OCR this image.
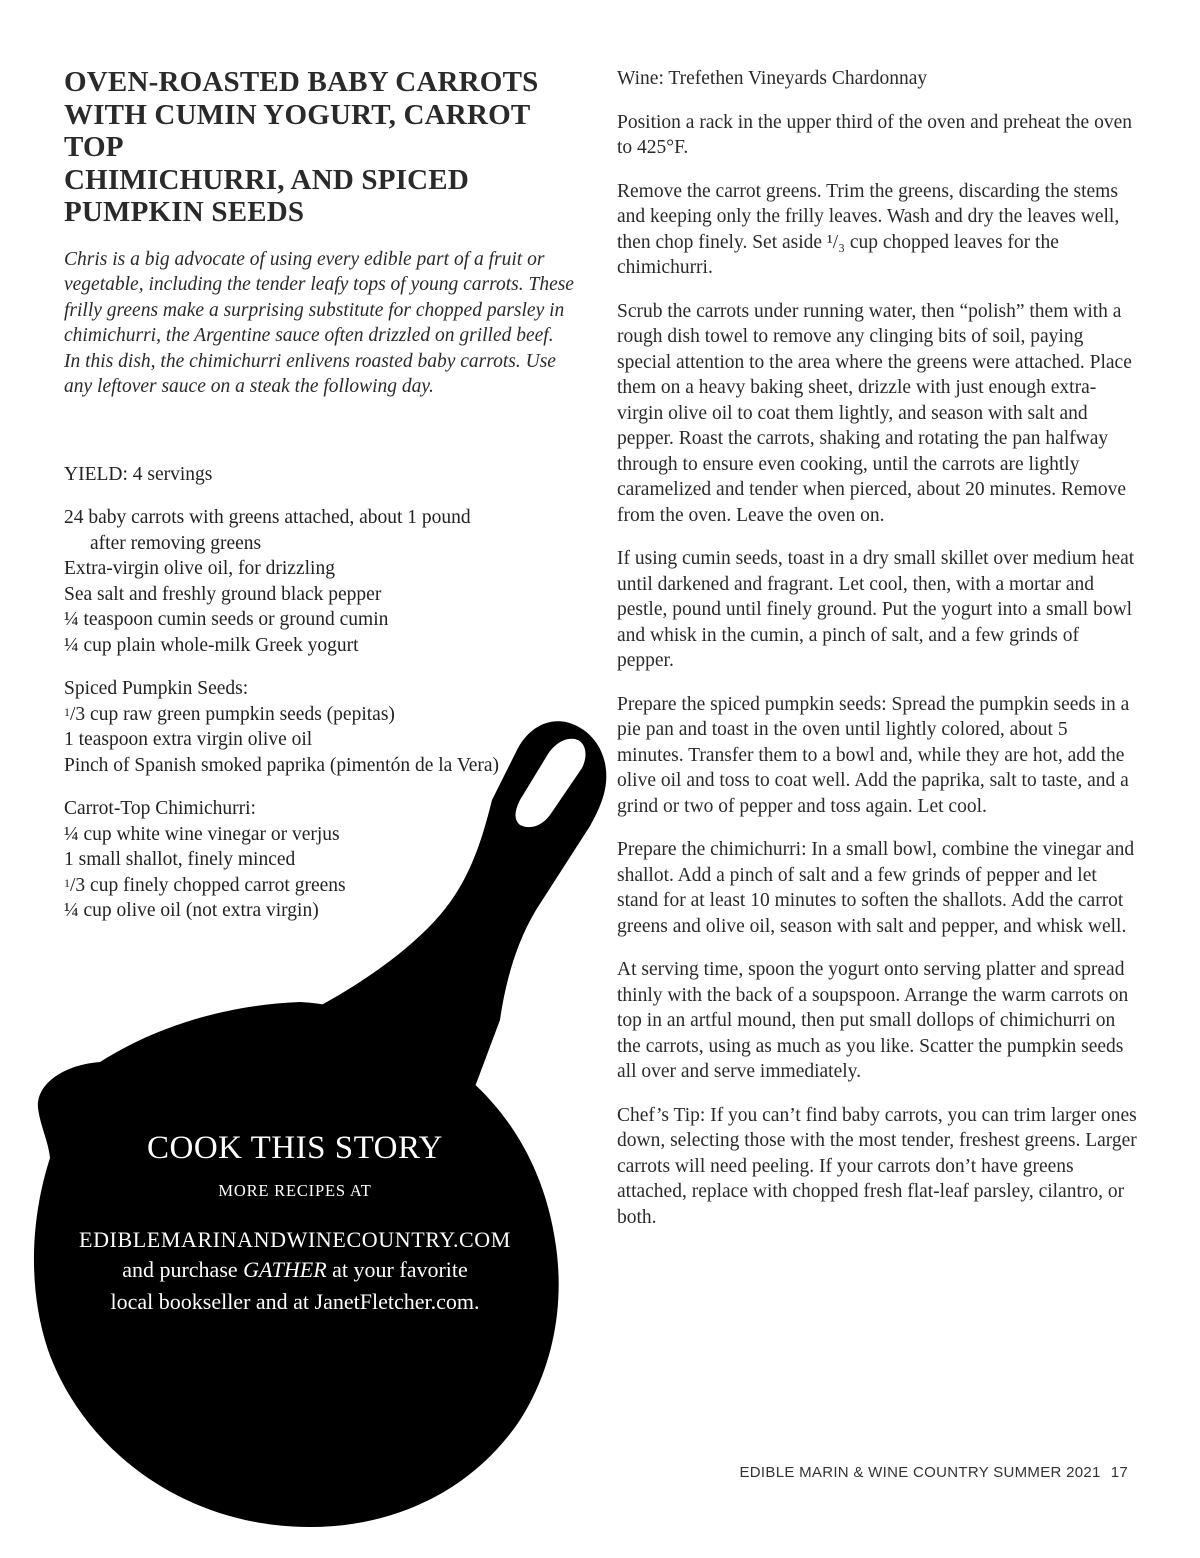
OVEN-ROASTED BABY CARROTS
WITH CUMIN YOGURT, CARROT TOP
CHIMICHURRI, AND SPICED
PUMPKIN SEEDS
Chris is a big advocate of using every edible part of a fruit or
vegetable, including the tender leafy tops of young carrots. These
frilly greens make a surprising substitute for chopped parsley in
chimichurri, the Argentine sauce often drizzled on grilled beef.
In this dish, the chimichurri enlivens roasted baby carrots. Use
any leftover sauce on a steak the following day.
YIELD: 4 servings
24 baby carrots with greens attached, about 1 pound
after removing greens
Extra-virgin olive oil, for drizzling
Sea salt and freshly ground black pepper
¼ teaspoon cumin seeds or ground cumin
¼ cup plain whole-milk Greek yogurt
Spiced Pumpkin Seeds:
$^1$/3 cup raw green pumpkin seeds (pepitas)
1 teaspoon extra virgin olive oil
Pinch of Spanish smoked paprika (pimentón de la Vera)
Carrot-Top Chimichurri:
¼ cup white wine vinegar or verjus
1 small shallot, finely minced
$^1$/3 cup finely chopped carrot greens
¼ cup olive oil (not extra virgin)

Wine: Trefethen Vineyards Chardonnay

Position a rack in the upper third of the oven and preheat the oven to 425°F.

Remove the carrot greens. Trim the greens, discarding the stems and keeping only the frilly leaves. Wash and dry the leaves well, then chop finely. Set aside ¹/₃ cup chopped leaves for the chimichurri.

Scrub the carrots under running water, then “polish” them with a rough dish towel to remove any clinging bits of soil, paying special attention to the area where the greens were attached. Place them on a heavy baking sheet, drizzle with just enough extra-virgin olive oil to coat them lightly, and season with salt and pepper. Roast the carrots, shaking and rotating the pan halfway through to ensure even cooking, until the carrots are lightly caramelized and tender when pierced, about 20 minutes. Remove from the oven. Leave the oven on.

If using cumin seeds, toast in a dry small skillet over medium heat until darkened and fragrant. Let cool, then, with a mortar and pestle, pound until finely ground. Put the yogurt into a small bowl and whisk in the cumin, a pinch of salt, and a few grinds of pepper.

Prepare the spiced pumpkin seeds: Spread the pumpkin seeds in a pie pan and toast in the oven until lightly colored, about 5 minutes. Transfer them to a bowl and, while they are hot, add the olive oil and toss to coat well. Add the paprika, salt to taste, and a grind or two of pepper and toss again. Let cool.

Prepare the chimichurri: In a small bowl, combine the vinegar and shallot. Add a pinch of salt and a few grinds of pepper and let stand for at least 10 minutes to soften the shallots. Add the carrot greens and olive oil, season with salt and pepper, and whisk well.

At serving time, spoon the yogurt onto serving platter and spread thinly with the back of a soupspoon. Arrange the warm carrots on top in an artful mound, then put small dollops of chimichurri on the carrots, using as much as you like. Scatter the pumpkin seeds all over and serve immediately.

Chef’s Tip: If you can’t find baby carrots, you can trim larger ones down, selecting those with the most tender, freshest greens. Larger carrots will need peeling. If your carrots don’t have greens attached, replace with chopped fresh flat-leaf parsley, cilantro, or both.

COOK THIS STORY
MORE RECIPES AT
EDIBLEMARINANDWINECOUNTRY.COM
and purchase GATHER at your favorite
local bookseller and at JanetFletcher.com.
EDIBLE MARIN & WINE COUNTRY SUMMER 2021 17
